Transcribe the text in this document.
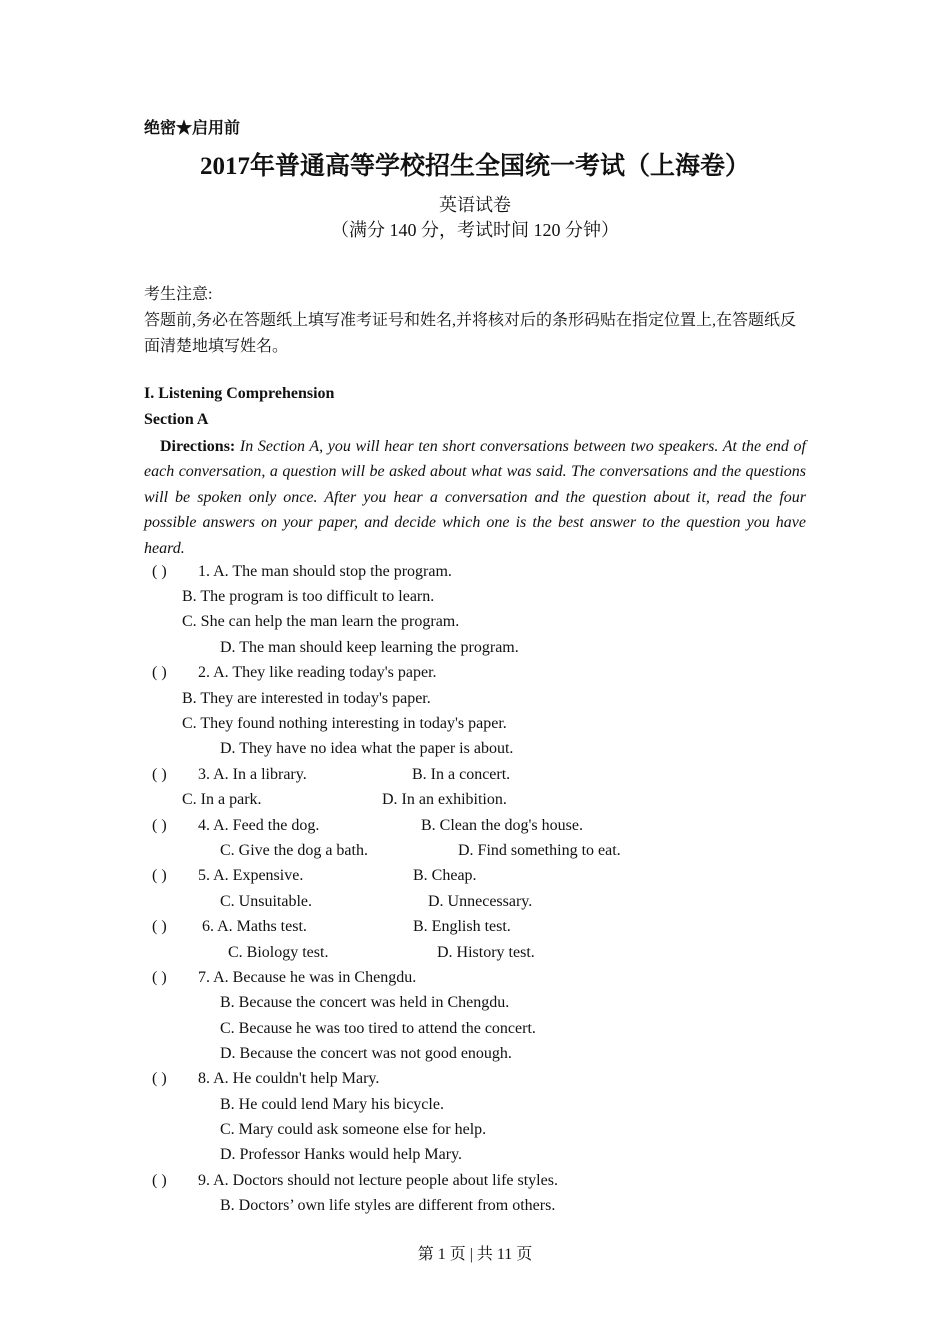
绝密★启用前
2017年普通高等学校招生全国统一考试（上海卷）
英语试卷
（满分 140 分，考试时间 120 分钟）
考生注意:
答题前,务必在答题纸上填写准考证号和姓名,并将核对后的条形码贴在指定位置上,在答题纸反面清楚地填写姓名。
I. Listening Comprehension
Section A
Directions: In Section A, you will hear ten short conversations between two speakers. At the end of each conversation, a question will be asked about what was said. The conversations and the questions will be spoken only once. After you hear a conversation and the question about it, read the four possible answers on your paper, and decide which one is the best answer to the question you have heard.
( ) 1. A. The man should stop the program.
B. The program is too difficult to learn.
C. She can help the man learn the program.
D. The man should keep learning the program.
( ) 2. A. They like reading today's paper.
B. They are interested in today's paper.
C. They found nothing interesting in today's paper.
D. They have no idea what the paper is about.
( ) 3. A. In a library.	B. In a concert.
C. In a park.	D. In an exhibition.
( ) 4. A. Feed the dog.	B. Clean the dog's house.
C. Give the dog a bath.	D. Find something to eat.
( ) 5. A. Expensive.	B. Cheap.
C. Unsuitable.	D. Unnecessary.
( ) 6. A. Maths test.	B. English test.
C. Biology test.	D. History test.
( ) 7. A. Because he was in Chengdu.
B. Because the concert was held in Chengdu.
C. Because he was too tired to attend the concert.
D. Because the concert was not good enough.
( ) 8. A. He couldn't help Mary.
B. He could lend Mary his bicycle.
C. Mary could ask someone else for help.
D. Professor Hanks would help Mary.
( ) 9. A. Doctors should not lecture people about life styles.
B. Doctors’ own life styles are different from others.
第 1 页 | 共 11 页
